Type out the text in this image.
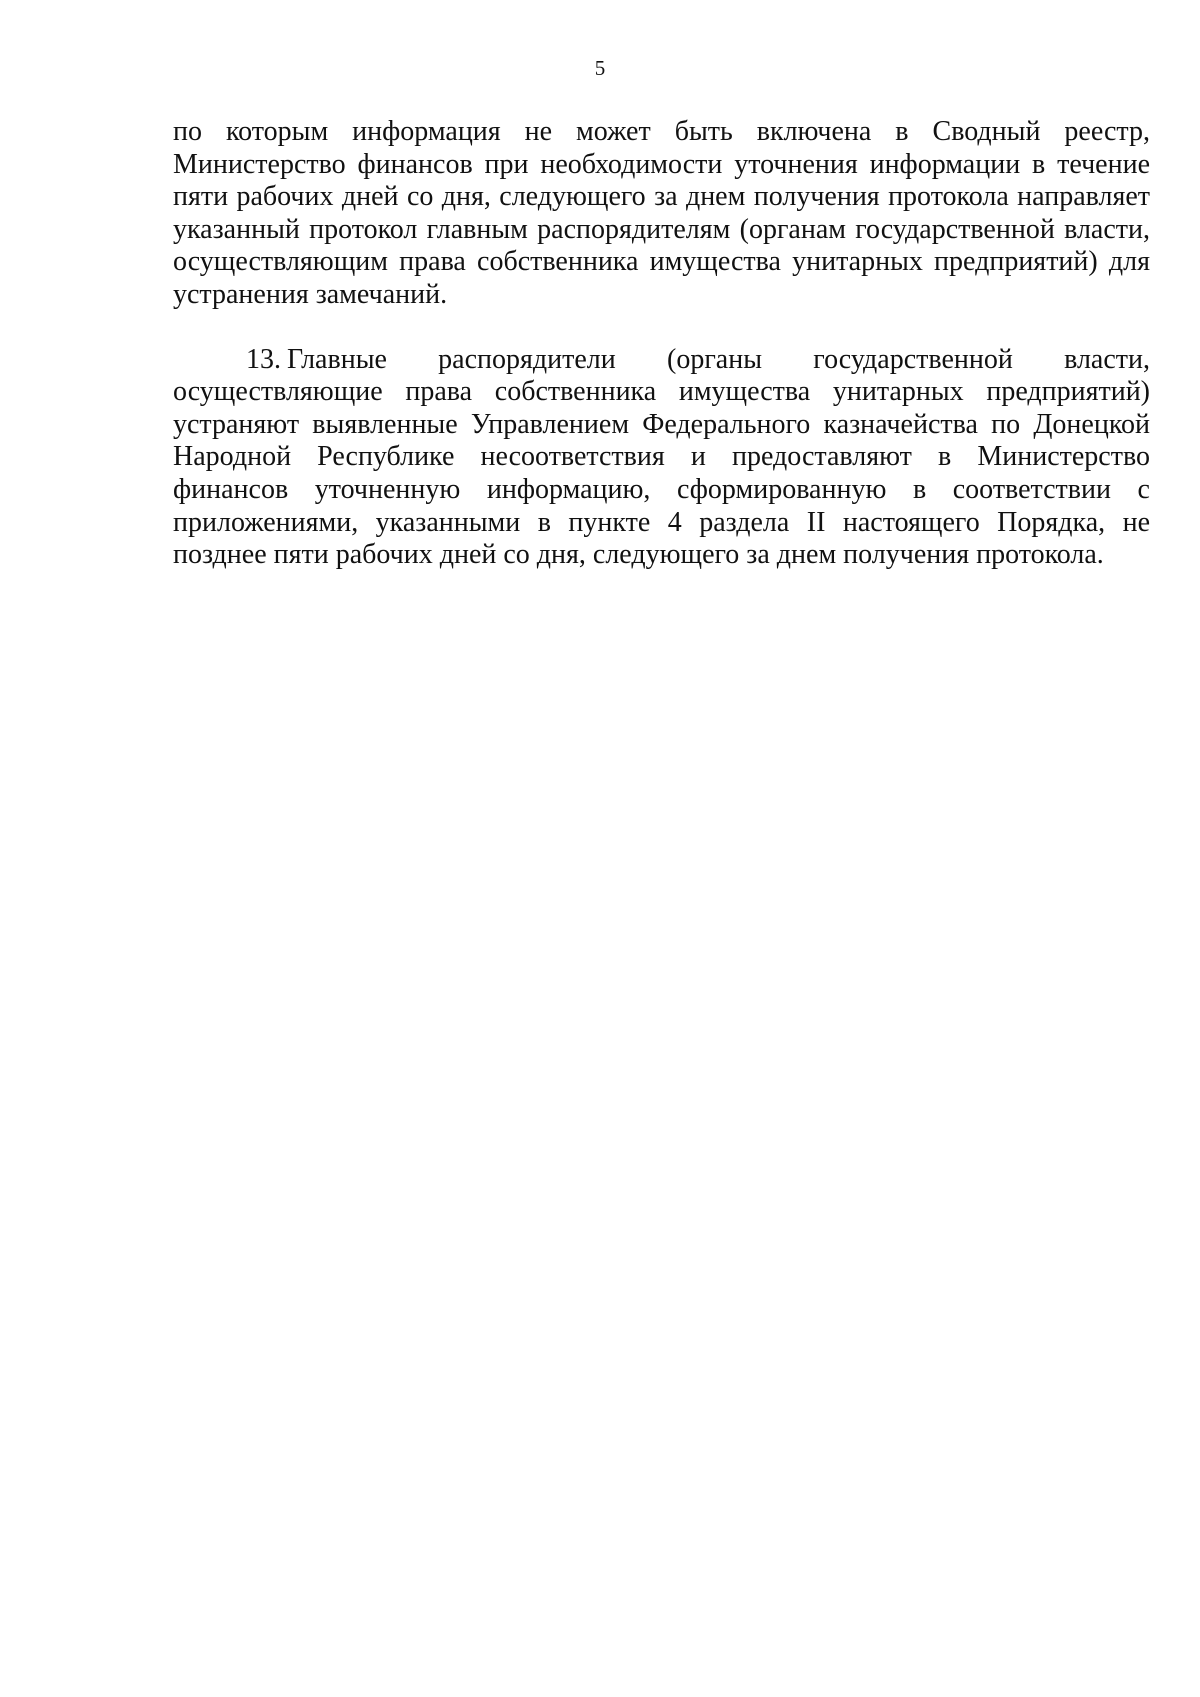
5

по которым информация не может быть включена в Сводный реестр, Министерство финансов при необходимости уточнения информации в течение пяти рабочих дней со дня, следующего за днем получения протокола направляет указанный протокол главным распорядителям (органам государственной власти, осуществляющим права собственника имущества унитарных предприятий) для устранения замечаний.

13. Главные распорядители (органы государственной власти, осуществляющие права собственника имущества унитарных предприятий) устраняют выявленные Управлением Федерального казначейства по Донецкой Народной Республике несоответствия и предоставляют в Министерство финансов уточненную информацию, сформированную в соответствии с приложениями, указанными в пункте 4 раздела II настоящего Порядка, не позднее пяти рабочих дней со дня, следующего за днем получения протокола.
